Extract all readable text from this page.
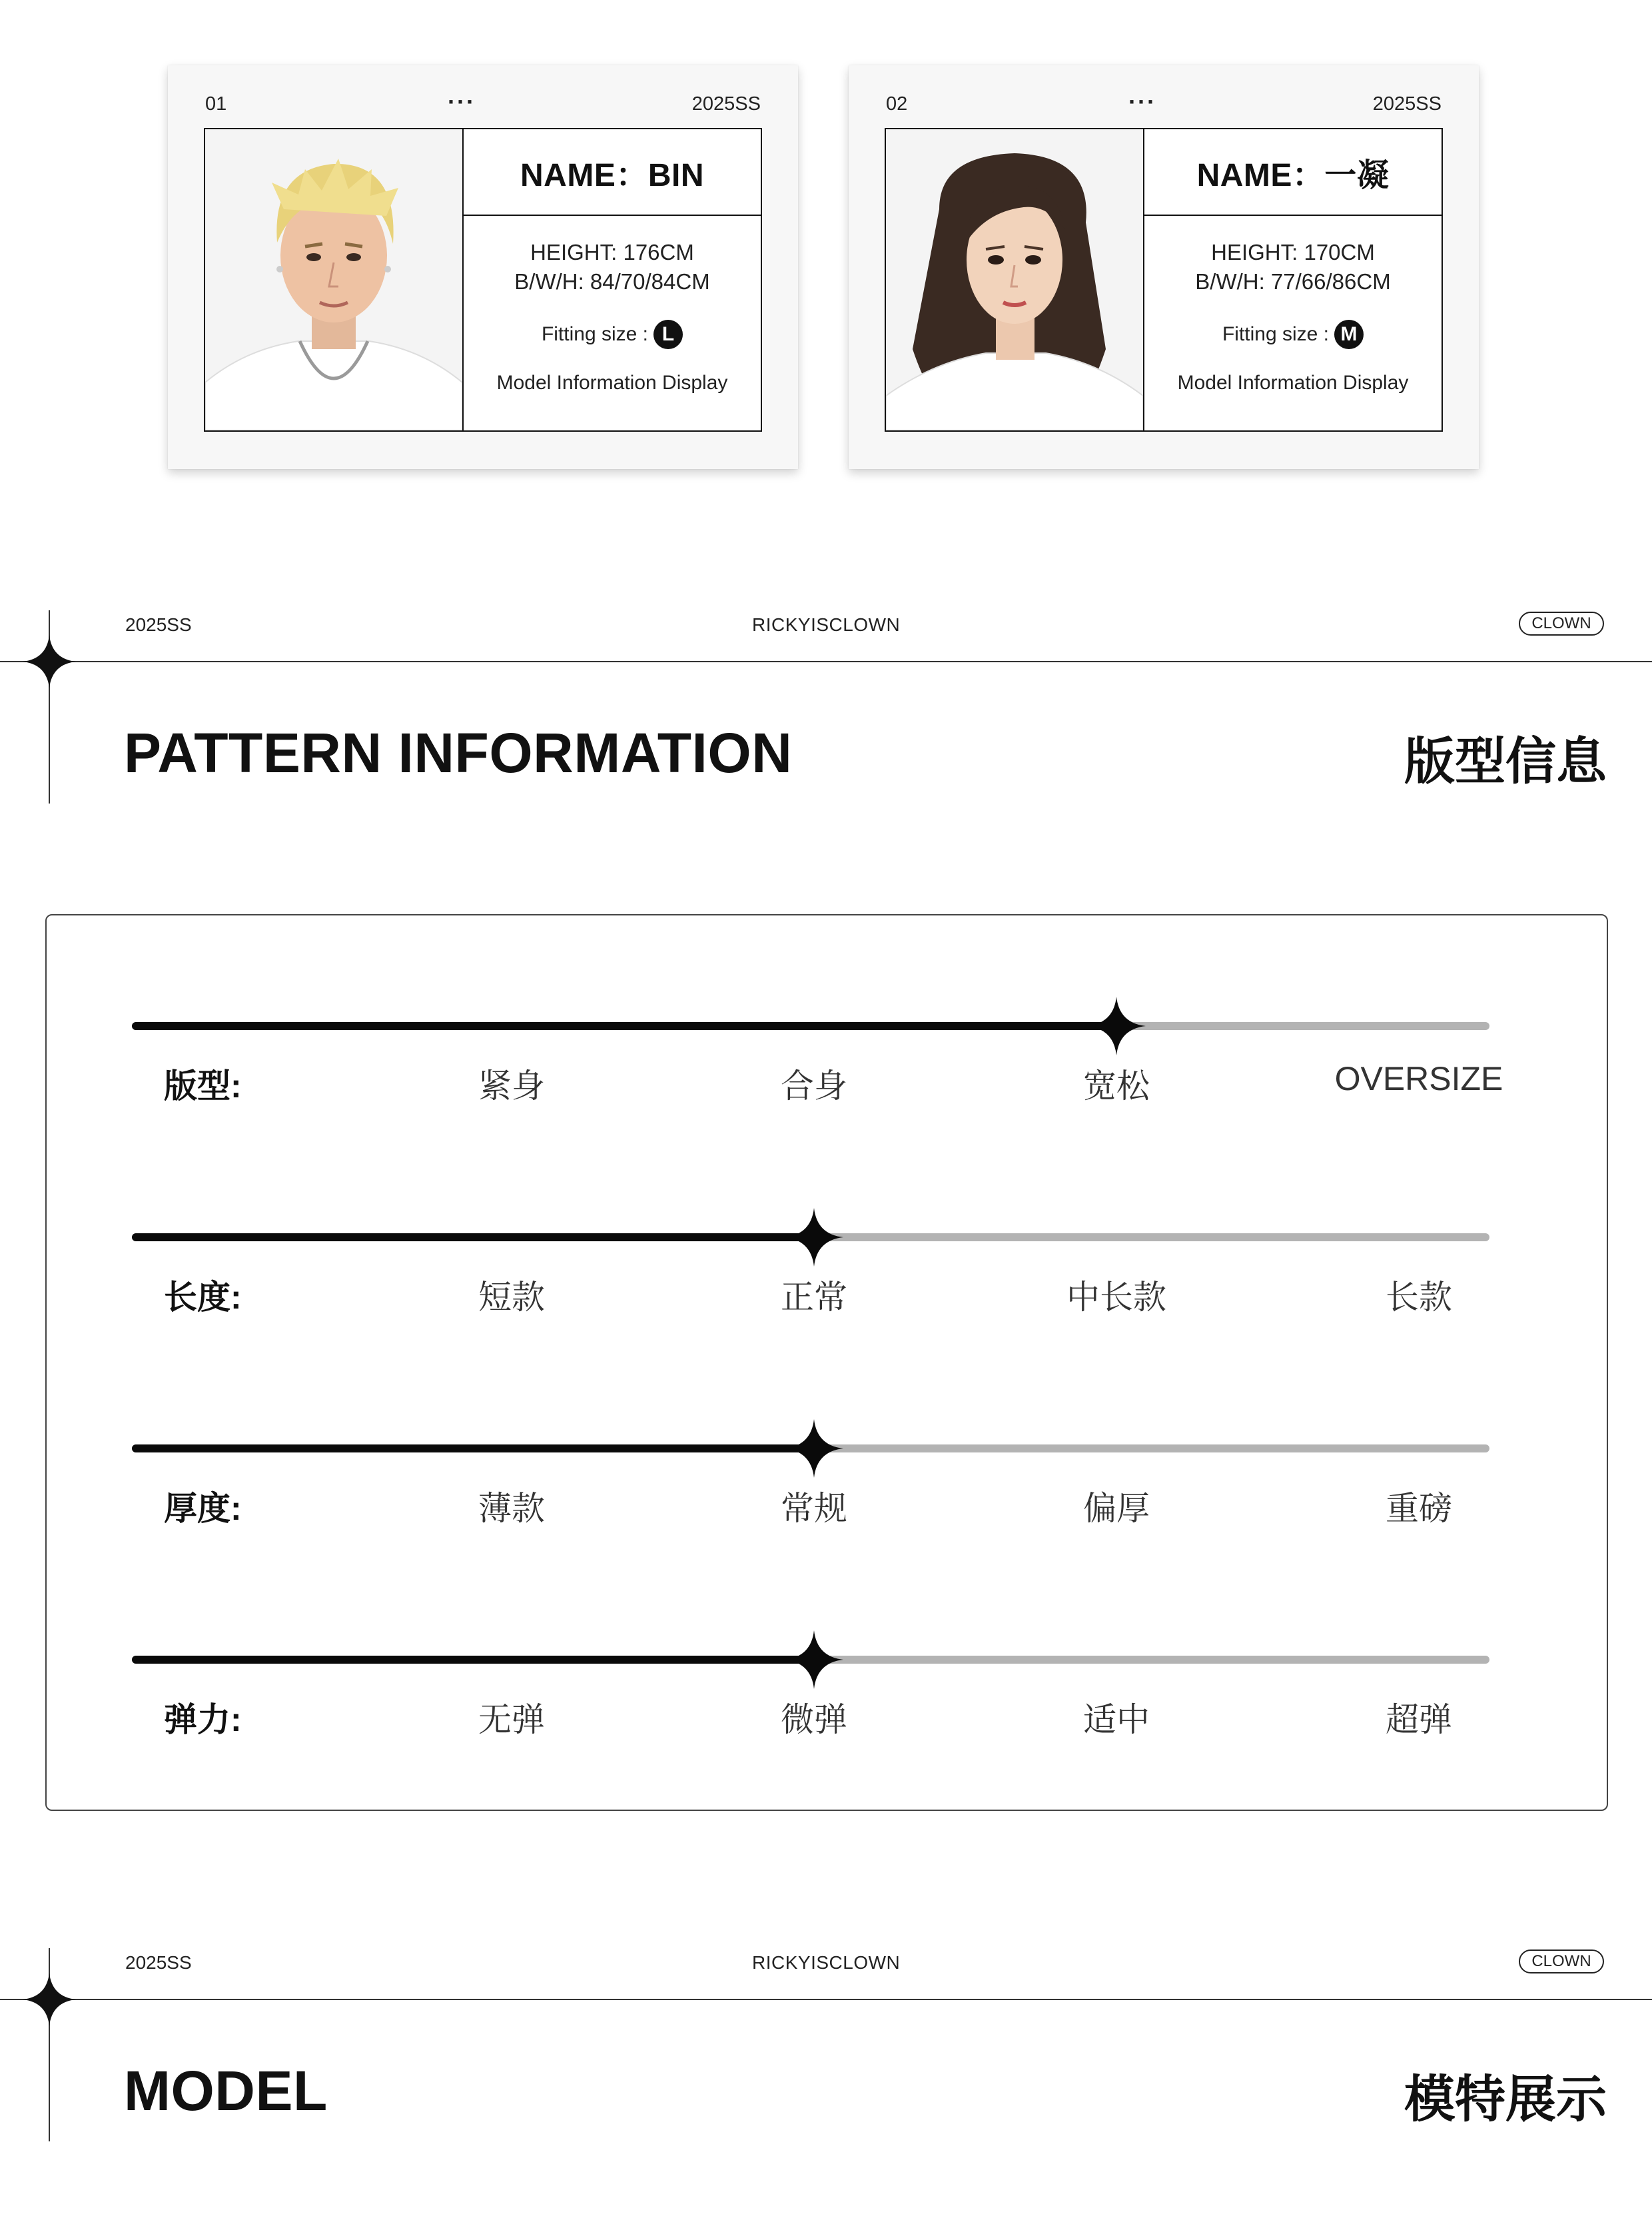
01	···	2025SS
NAME：BIN
HEIGHT: 176CM
B/W/H: 84/70/84CM
Fitting size : L
Model Information Display
02	···	2025SS
NAME：一凝
HEIGHT: 170CM
B/W/H: 77/66/86CM
Fitting size : M
Model Information Display
2025SS	RICKYISCLOWN	CLOWN
PATTERN INFORMATION	版型信息
版型:	紧身	合身	宽松	OVERSIZE
长度:	短款	正常	中长款	长款
厚度:	薄款	常规	偏厚	重磅
弹力:	无弹	微弹	适中	超弹
2025SS	RICKYISCLOWN	CLOWN
MODEL	模特展示
